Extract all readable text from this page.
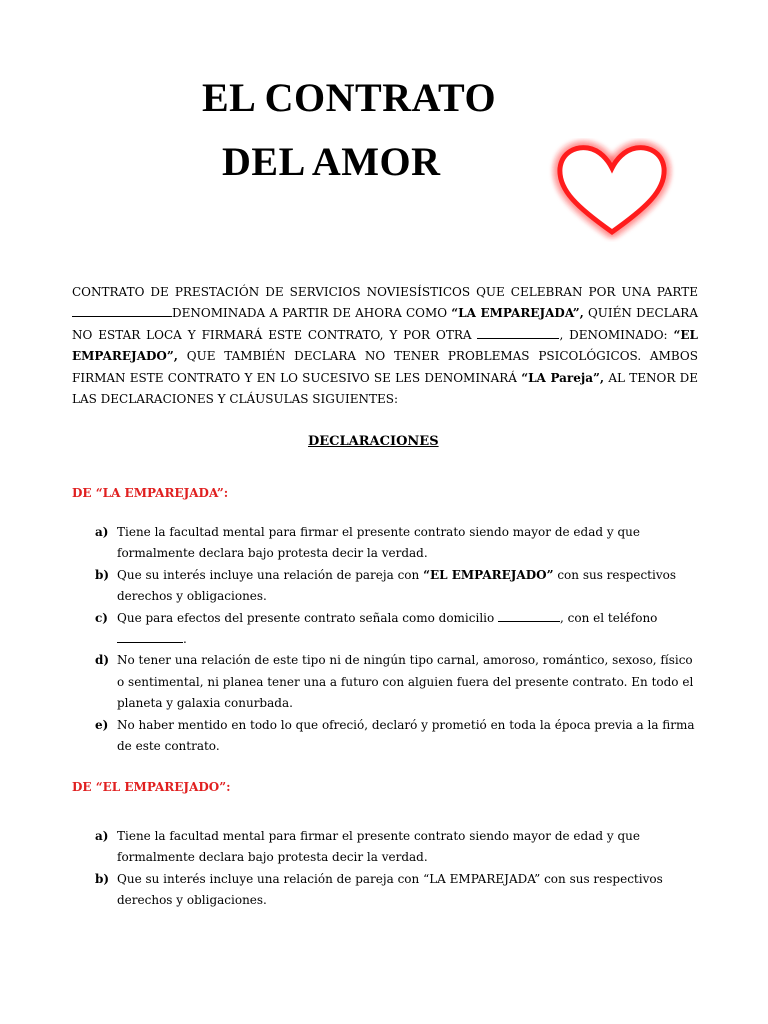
EL CONTRATO
DEL AMOR
CONTRATO DE PRESTACIÓN DE SERVICIOS NOVIESÍSTICOS QUE CELEBRAN POR UNA PARTE DENOMINADA A PARTIR DE AHORA COMO “LA EMPAREJADA”, QUIÉN DECLARA NO ESTAR LOCA Y FIRMARÁ ESTE CONTRATO, Y POR OTRA	, DENOMINADO: “EL EMPAREJADO”, QUE TAMBIÉN DECLARA NO TENER PROBLEMAS PSICOLÓGICOS. AMBOS FIRMAN ESTE CONTRATO Y EN LO SUCESIVO SE LES DENOMINARÁ “LA Pareja”, AL TENOR DE LAS DECLARACIONES Y CLÁUSULAS SIGUIENTES:
DECLARACIONES
DE “LA EMPAREJADA”:
a) Tiene la facultad mental para firmar el presente contrato siendo mayor de edad y que formalmente declara bajo protesta decir la verdad.
b) Que su interés incluye una relación de pareja con “EL EMPAREJADO” con sus respectivos derechos y obligaciones.
c) Que para efectos del presente contrato señala como domicilio	, con el teléfono
.
d) No tener una relación de este tipo ni de ningún tipo carnal, amoroso, romántico, sexoso, físico o sentimental, ni planea tener una a futuro con alguien fuera del presente contrato. En todo el planeta y galaxia conurbada.
e) No haber mentido en todo lo que ofreció, declaró y prometió en toda la época previa a la firma de este contrato.
DE “EL EMPAREJADO”:
a) Tiene la facultad mental para firmar el presente contrato siendo mayor de edad y que formalmente declara bajo protesta decir la verdad.
b) Que su interés incluye una relación de pareja con “LA EMPAREJADA” con sus respectivos derechos y obligaciones.
